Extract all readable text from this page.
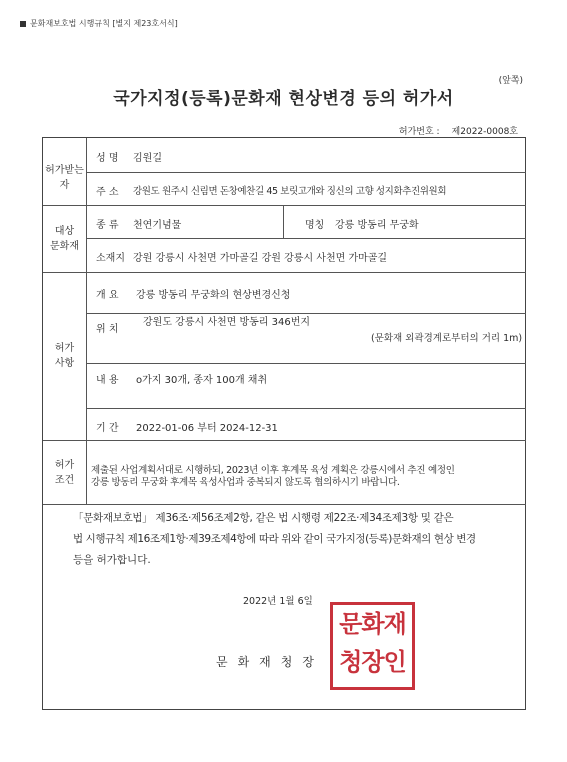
문화재보호법 시행규칙 [별지 제23호서식]
(앞쪽)
국가지정(등록)문화재 현상변경 등의 허가서
허가번호 : 제2022-0008호
허가받는자
성 명 김원길
주 소 강원도 원주시 신림면 돈창예찬길 45 보릿고개와 징신의 고향 성지화추진위원회
대상
문화재
종 류 천연기념물	명칭 강릉 방동리 무궁화
소재지 강원 강릉시 사천면 가마골길 강원 강릉시 사천면 가마골길
허가
사항
개 요 강릉 방동리 무궁화의 현상변경신청
위 치
강원도 강릉시 사천면 방동리 346번지
(문화재 외곽경계로부터의 거리 1m)
내 용 o가지 30개, 종자 100개 채취
기 간 2022-01-06 부터 2024-12-31
허가
조건
제출된 사업계획서대로 시행하되, 2023년 이후 후계목 육성 계획은 강릉시에서 추진 예정인
강릉 방동리 무궁화 후계목 육성사업과 중복되지 않도록 협의하시기 바랍니다.
「문화재보호법」 제36조·제56조제2항, 같은 법 시행령 제22조·제34조제3항 및 같은
법 시행규칙 제16조제1항·제39조제4항에 따라 위와 같이 국가지정(등록)문화재의 현상 변경
등을 허가합니다.
2022년 1월 6일
문화재청장
문화재
청장인
